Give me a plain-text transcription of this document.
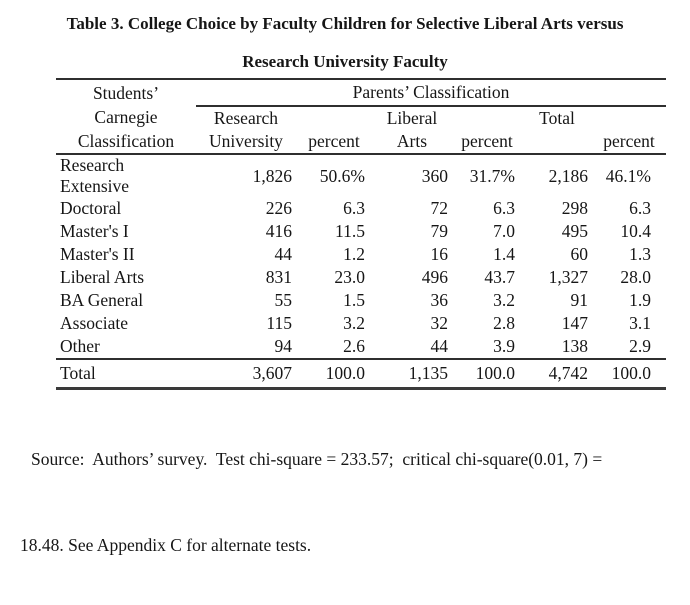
Table 3. College Choice by Faculty Children for Selective Liberal Arts versus
Research University Faculty
Students’
Carnegie
Classification	Parents’ Classification					
	Research		Liberal		Total	
	University	percent	Arts	percent		percent
Research Extensive	1,826	50.6%	360	31.7%	2,186	46.1%
Doctoral	226	6.3	72	6.3	298	6.3
Master's I	416	11.5	79	7.0	495	10.4
Master's II	44	1.2	16	1.4	60	1.3
Liberal Arts	831	23.0	496	43.7	1,327	28.0
BA General	55	1.5	36	3.2	91	1.9
Associate	115	3.2	32	2.8	147	3.1
Other	94	2.6	44	3.9	138	2.9
Total	3,607	100.0	1,135	100.0	4,742	100.0

Source:  Authors’ survey.  Test chi-square = 233.57;  critical chi-square(0.01, 7) =

18.48. See Appendix C for alternate tests.
